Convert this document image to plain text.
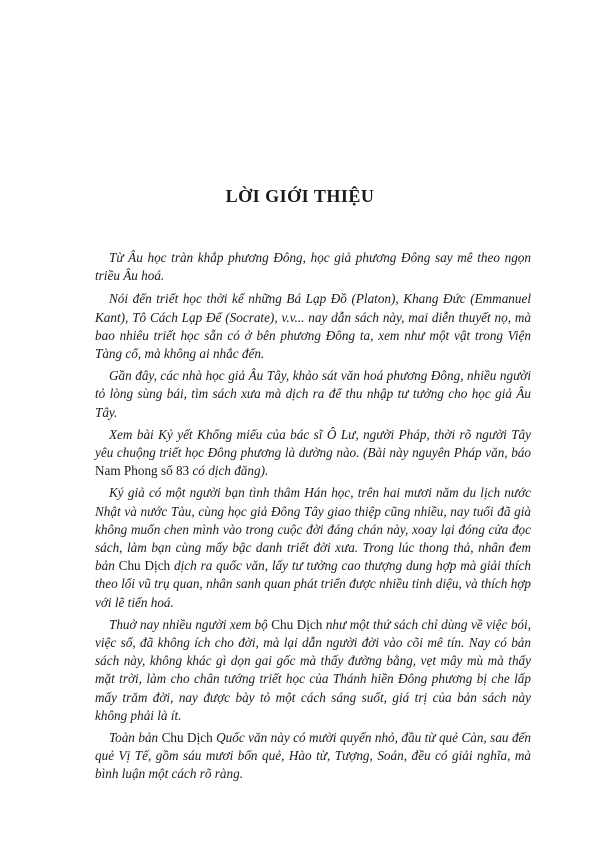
LỜI GIỚI THIỆU

Từ Âu học tràn khắp phương Đông, học giả phương Đông say mê theo ngọn triều Âu hoá.

Nói đến triết học thời kế những Bá Lạp Đồ (Platon), Khang Đức (Emmanuel Kant), Tô Cách Lạp Để (Socrate), v.v... nay dẫn sách này, mai diễn thuyết nọ, mà bao nhiêu triết học sẵn có ở bên phương Đông ta, xem như một vật trong Viện Tàng cổ, mà không ai nhắc đến.

Gần đây, các nhà học giả Âu Tây, khảo sát văn hoá phương Đông, nhiều người tỏ lòng sùng bái, tìm sách xưa mà dịch ra để thu nhập tư tưởng cho học giả Âu Tây.

Xem bài Kỷ yết Khổng miếu của bác sĩ Ô Lư, người Pháp, thời rõ người Tây yêu chuộng triết học Đông phương là dường nào. (Bài này nguyên Pháp văn, báo Nam Phong số 83 có dịch đăng).

Ký giả có một người bạn tình thâm Hán học, trên hai mươi năm du lịch nước Nhật và nước Tàu, cùng học giả Đông Tây giao thiệp cũng nhiều, nay tuổi đã già không muốn chen mình vào trong cuộc đời đáng chán này, xoay lại đóng cửa đọc sách, làm bạn cùng mấy bậc danh triết đời xưa. Trong lúc thong thả, nhân đem bản Chu Dịch dịch ra quốc văn, lấy tư tưởng cao thượng dung hợp mà giải thích theo lối vũ trụ quan, nhân sanh quan phát triển được nhiều tinh diệu, và thích hợp với lẽ tiến hoá.

Thuở nay nhiều người xem bộ Chu Dịch như một thứ sách chỉ dùng về việc bói, việc số, đã không ích cho đời, mà lại dẫn người đời vào cõi mê tín. Nay có bản sách này, không khác gì dọn gai gốc mà thấy đường bằng, vẹt mây mù mà thấy mặt trời, làm cho chân tướng triết học của Thánh hiền Đông phương bị che lấp mấy trăm đời, nay được bày tỏ một cách sáng suốt, giá trị của bản sách này không phải là ít.

Toàn bản Chu Dịch Quốc văn này có mười quyển nhỏ, đầu từ quẻ Càn, sau đến quẻ Vị Tế, gồm sáu mươi bốn quẻ, Hào từ, Tượng, Soán, đều có giải nghĩa, mà bình luận một cách rõ ràng.
